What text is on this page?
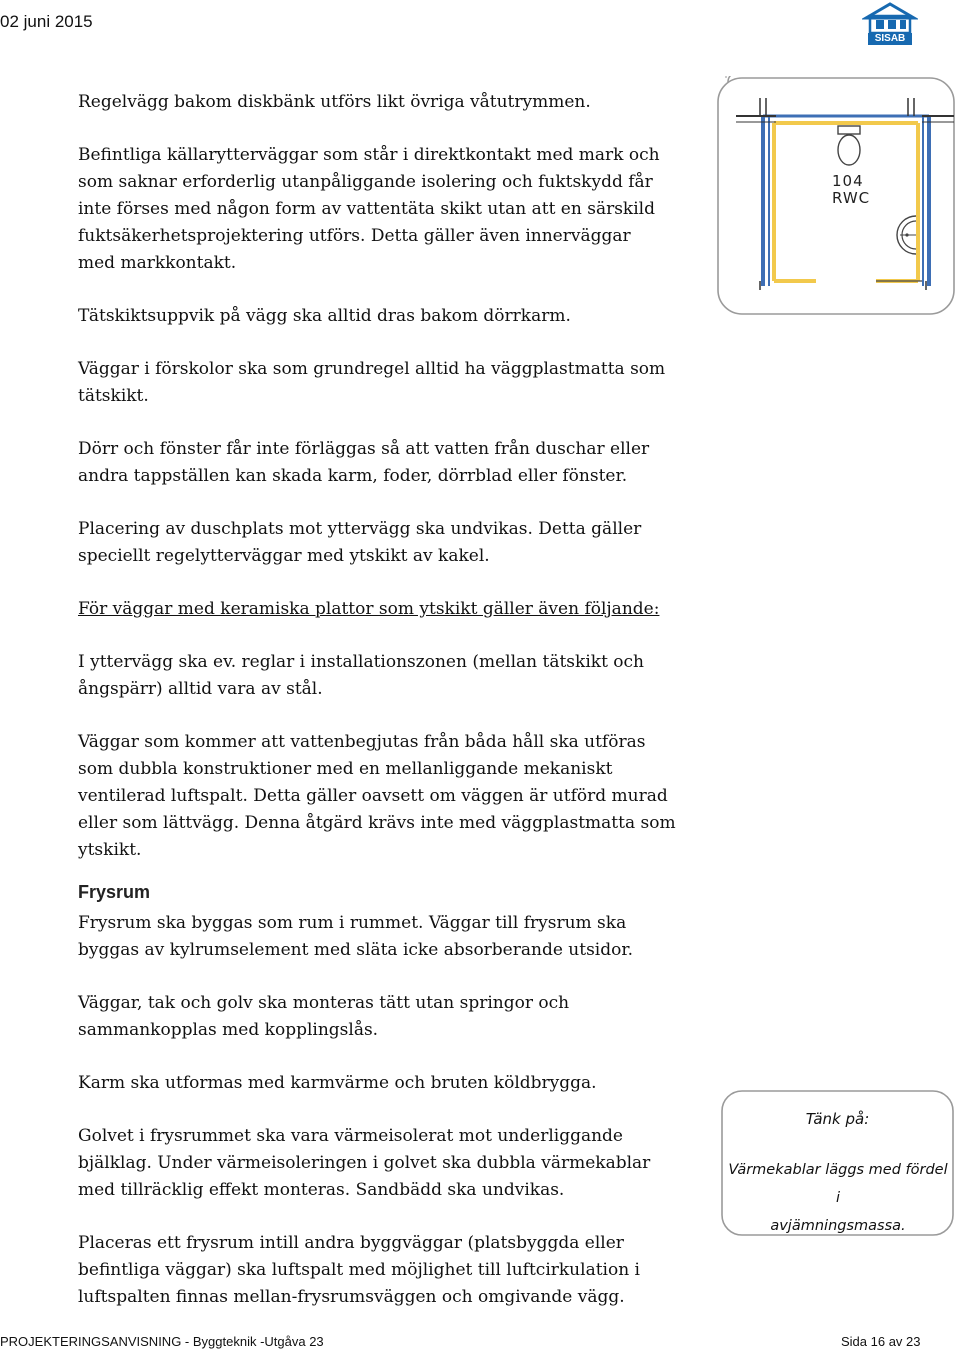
02 juni 2015
SISAB
104
RWC

Regelvägg bakom diskbänk utförs likt övriga våtutrymmen.

Befintliga källarytterväggar som står i direktkontakt med mark och

som saknar erforderlig utanpåliggande isolering och fuktskydd får

inte förses med någon form av vattentäta skikt utan att en särskild

fuktsäkerhetsprojektering utförs. Detta gäller även innerväggar

med markkontakt.

Tätskiktsuppvik på vägg ska alltid dras bakom dörrkarm.

Väggar i förskolor ska som grundregel alltid ha väggplastmatta som

tätskikt.

Dörr och fönster får inte förläggas så att vatten från duschar eller

andra tappställen kan skada karm, foder, dörrblad eller fönster.

Placering av duschplats mot yttervägg ska undvikas. Detta gäller

speciellt regelytterväggar med ytskikt av kakel.

För väggar med keramiska plattor som ytskikt gäller även följande:

I yttervägg ska ev. reglar i installationszonen (mellan tätskikt och

ångspärr) alltid vara av stål.

Väggar som kommer att vattenbegjutas från båda håll ska utföras

som dubbla konstruktioner med en mellanliggande mekaniskt

ventilerad luftspalt. Detta gäller oavsett om väggen är utförd murad

eller som lättvägg. Denna åtgärd krävs inte med väggplastmatta som

ytskikt.

Frysrum

Frysrum ska byggas som rum i rummet. Väggar till frysrum ska

byggas av kylrumselement med släta icke absorberande utsidor.

Väggar, tak och golv ska monteras tätt utan springor och

sammankopplas med kopplingslås.

Karm ska utformas med karmvärme och bruten köldbrygga.

Golvet i frysrummet ska vara värmeisolerat mot underliggande

bjälklag. Under värmeisoleringen i golvet ska dubbla värmekablar

med tillräcklig effekt monteras. Sandbädd ska undvikas.

Placeras ett frysrum intill andra byggväggar (platsbyggda eller

befintliga väggar) ska luftspalt med möjlighet till luftcirkulation i

luftspalten finnas mellan-frysrumsväggen och omgivande vägg.

Tänk på:
Värmekablar läggs med fördel i
avjämningsmassa.
PROJEKTERINGSANVISNING - Byggteknik -Utgåva 23	Sida 16 av 23
